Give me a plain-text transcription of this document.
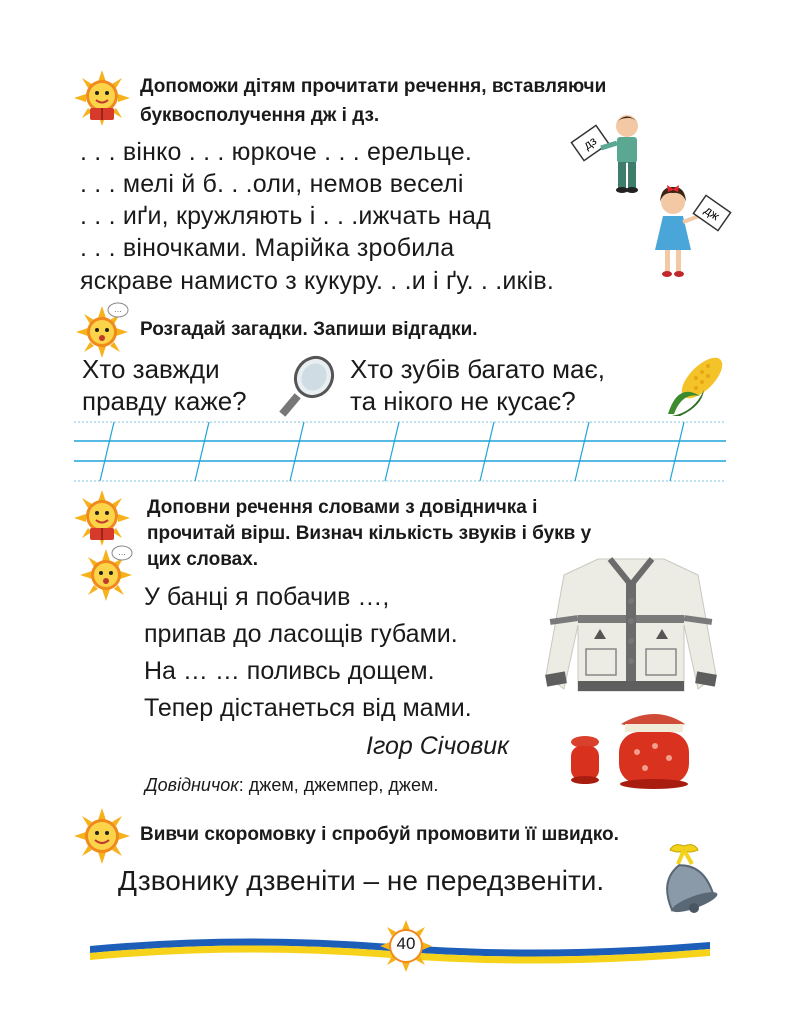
Допоможи дітям прочитати речення, вставляючи
буквосполучення дж і дз.
. . . вінко . . . юркоче . . . ерельце.
. . . мелі й б. . .оли, немов веселі
. . . иґи, кружляють і . . .ижчать над
. . . віночками. Марійка зробила
яскраве намисто з кукуру. . .и і ґу. . .иків.
дз
дж
…
Розгадай загадки. Запиши відгадки.
Хто завжди
правду каже?
Хто зубів багато має,
та нікого не кусає?
…
Доповни речення словами з довідничка і
прочитай вірш. Визнач кількість звуків і букв у
цих словах.
У банці я побачив …,
припав до ласощів губами.
На … … поливсь дощем.
Тепер дістанеться від мами.
Ігор Січовик
Довідничок: джем, джемпер, джем.
Вивчи скоромовку і спробуй промовити її швидко.
Дзвонику дзвеніти – не передзвеніти.
40
